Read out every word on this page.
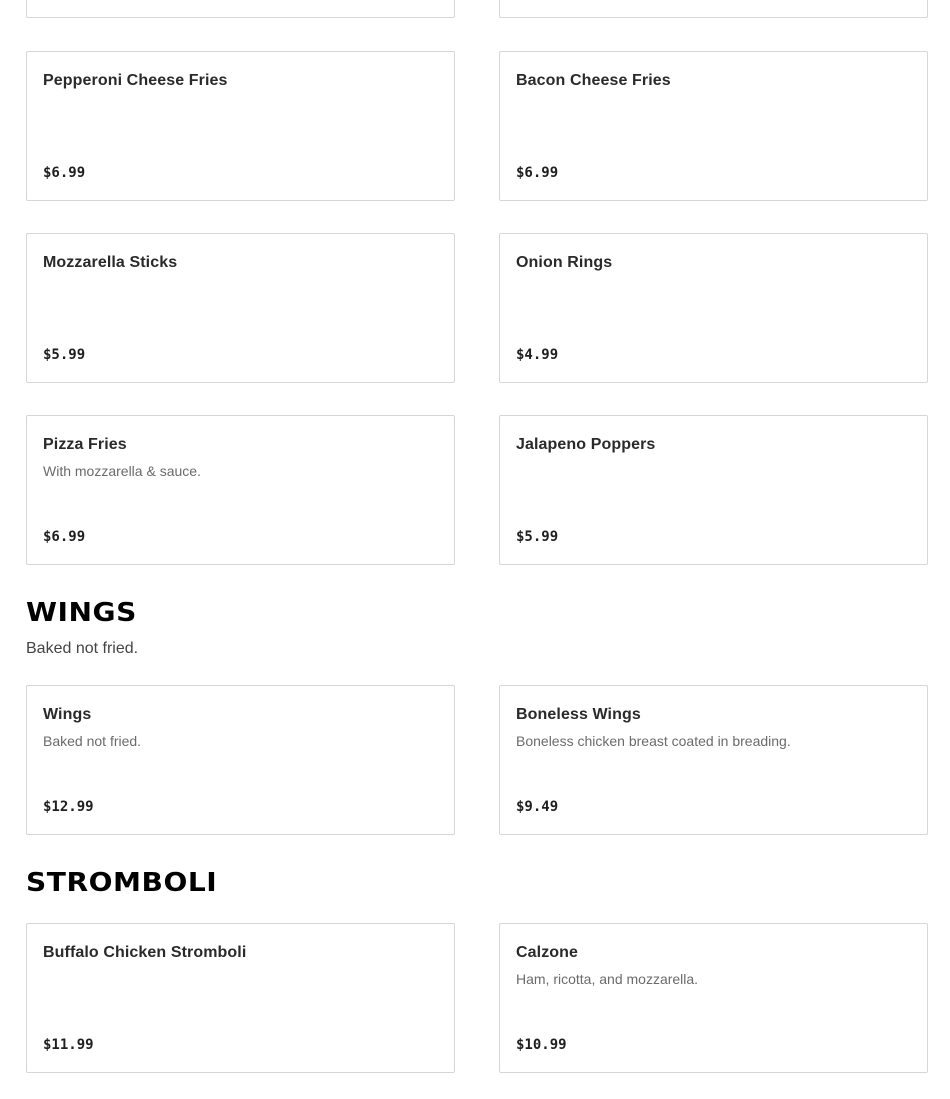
Pepperoni Cheese Fries
$6.99
Bacon Cheese Fries
$6.99
Mozzarella Sticks
$5.99
Onion Rings
$4.99
Pizza Fries
With mozzarella & sauce.
$6.99
Jalapeno Poppers
$5.99
WINGS
Baked not fried.
Wings
Baked not fried.
$12.99
Boneless Wings
Boneless chicken breast coated in breading.
$9.49
STROMBOLI
Buffalo Chicken Stromboli
$11.99
Calzone
Ham, ricotta, and mozzarella.
$10.99
